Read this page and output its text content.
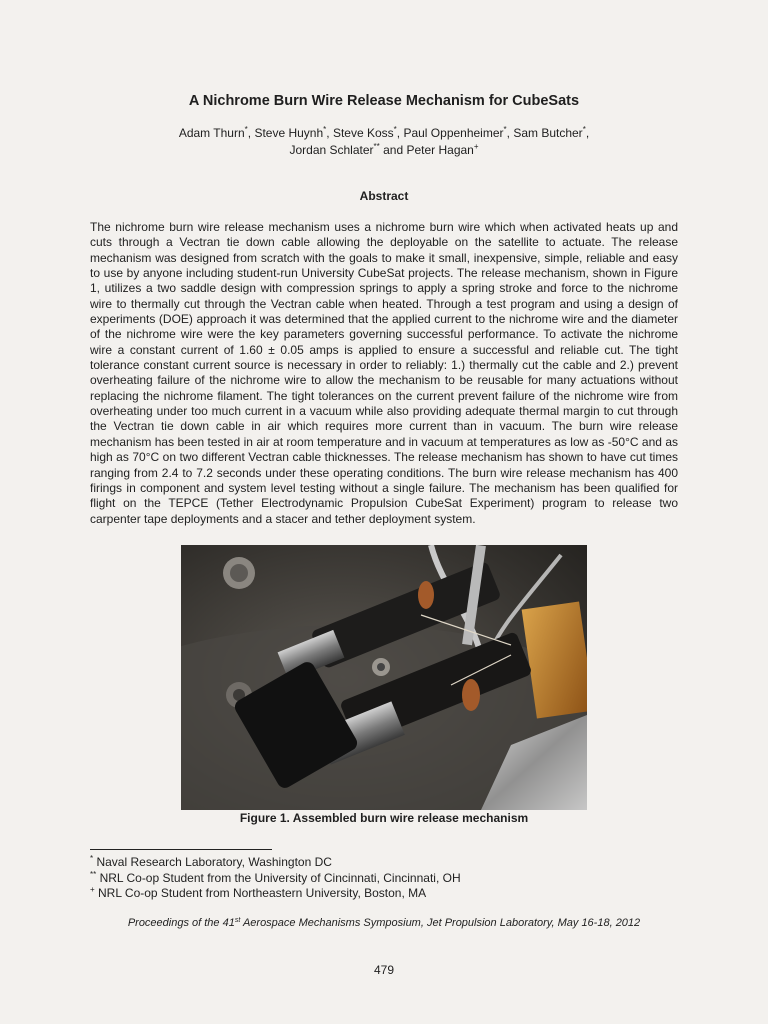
A Nichrome Burn Wire Release Mechanism for CubeSats
Adam Thurn*, Steve Huynh*, Steve Koss*, Paul Oppenheimer*, Sam Butcher*,
Jordan Schlater** and Peter Hagan+
Abstract

The nichrome burn wire release mechanism uses a nichrome burn wire which when activated heats up and cuts through a Vectran tie down cable allowing the deployable on the satellite to actuate. The release mechanism was designed from scratch with the goals to make it small, inexpensive, simple, reliable and easy to use by anyone including student-run University CubeSat projects. The release mechanism, shown in Figure 1, utilizes a two saddle design with compression springs to apply a spring stroke and force to the nichrome wire to thermally cut through the Vectran cable when heated. Through a test program and using a design of experiments (DOE) approach it was determined that the applied current to the nichrome wire and the diameter of the nichrome wire were the key parameters governing successful performance. To activate the nichrome wire a constant current of 1.60 ± 0.05 amps is applied to ensure a successful and reliable cut. The tight tolerance constant current source is necessary in order to reliably: 1.) thermally cut the cable and 2.) prevent overheating failure of the nichrome wire to allow the mechanism to be reusable for many actuations without replacing the nichrome filament. The tight tolerances on the current prevent failure of the nichrome wire from overheating under too much current in a vacuum while also providing adequate thermal margin to cut through the Vectran tie down cable in air which requires more current than in vacuum. The burn wire release mechanism has been tested in air at room temperature and in vacuum at temperatures as low as -50°C and as high as 70°C on two different Vectran cable thicknesses. The release mechanism has shown to have cut times ranging from 2.4 to 7.2 seconds under these operating conditions. The burn wire release mechanism has 400 firings in component and system level testing without a single failure. The mechanism has been qualified for flight on the TEPCE (Tether Electrodynamic Propulsion CubeSat Experiment) program to release two carpenter tape deployments and a stacer and tether deployment system.

Figure 1. Assembled burn wire release mechanism
* Naval Research Laboratory, Washington DC
** NRL Co-op Student from the University of Cincinnati, Cincinnati, OH
+ NRL Co-op Student from Northeastern University, Boston, MA
Proceedings of the 41st Aerospace Mechanisms Symposium, Jet Propulsion Laboratory, May 16-18, 2012
479
